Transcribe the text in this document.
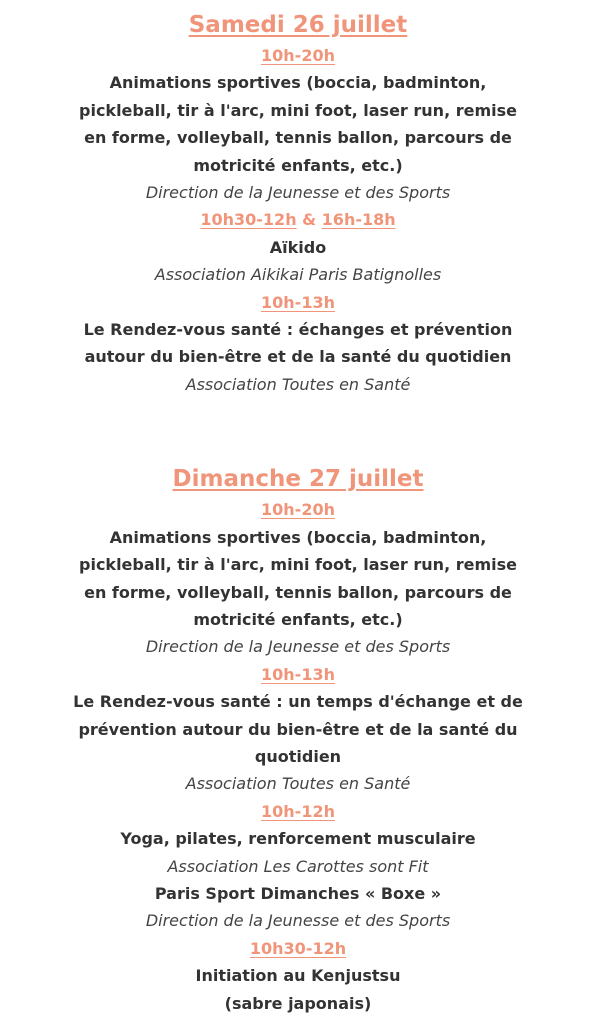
Samedi 26 juillet
10h-20h
Animations sportives (boccia, badminton, pickleball, tir à l'arc, mini foot, laser run, remise en forme, volleyball, tennis ballon, parcours de motricité enfants, etc.)
Direction de la Jeunesse et des Sports
10h30-12h & 16h-18h
Aïkido
Association Aikikai Paris Batignolles
10h-13h
Le Rendez-vous santé : échanges et prévention autour du bien-être et de la santé du quotidien
Association Toutes en Santé
Dimanche 27 juillet
10h-20h
Animations sportives (boccia, badminton, pickleball, tir à l'arc, mini foot, laser run, remise en forme, volleyball, tennis ballon, parcours de motricité enfants, etc.)
Direction de la Jeunesse et des Sports
10h-13h
Le Rendez-vous santé : un temps d'échange et de prévention autour du bien-être et de la santé du quotidien
Association Toutes en Santé
10h-12h
Yoga, pilates, renforcement musculaire
Association Les Carottes sont Fit
Paris Sport Dimanches « Boxe »
Direction de la Jeunesse et des Sports
10h30-12h
Initiation au Kenjustsu
(sabre japonais)
